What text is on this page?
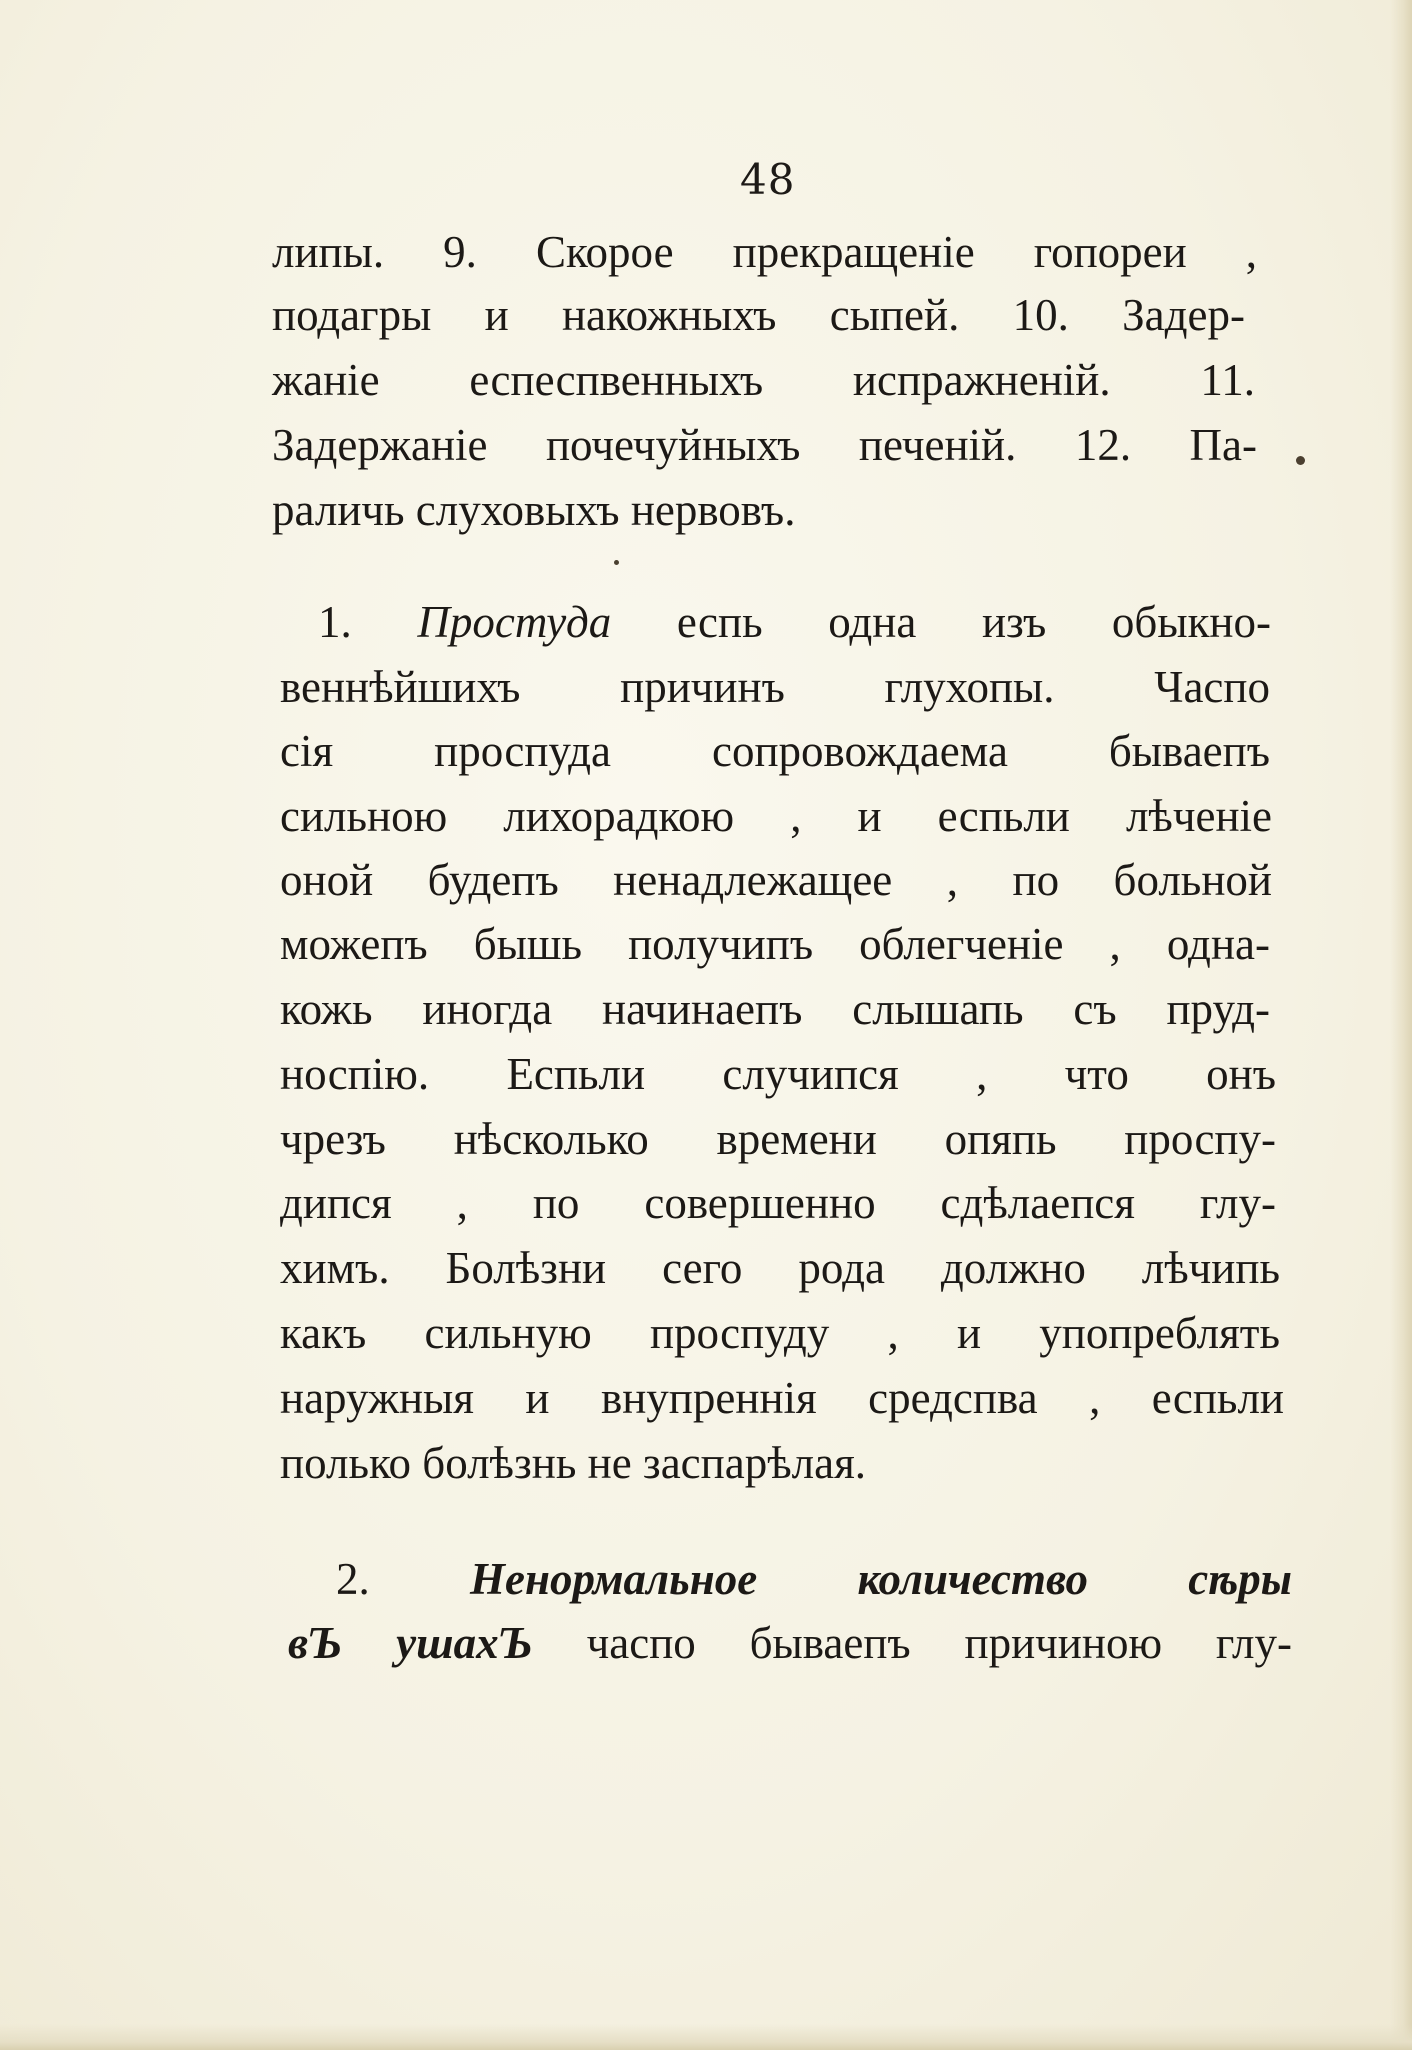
48
липы. 9. Скорое прекращенiе гопореи ,
подагры и накожныхъ сыпей. 10. Задер-
жанiе еспеспвенныхъ испражненiй. 11.
Задержанiе почечуйныхъ печенiй. 12. Па-
раличь слуховыхъ нервовъ.
1. Простуда еспь одна изъ обыкно-
веннѣйшихъ причинъ глухопы. Часпо
сiя проспуда сопровождаема бываепъ
сильною лихорадкою , и еспьли лѣченiе
оной будепъ ненадлежащее , по больной
можепъ бышь получипъ облегченiе , одна-
кожь иногда начинаепъ слышапь съ пруд-
носпiю. Еспьли случипся , что онъ
чрезъ нѣсколько времени опяпь проспу-
дипся , по совершенно сдѣлаепся глу-
химъ. Болѣзни сего рода должно лѣчипь
какъ сильную проспуду , и упопреблять
наружныя и внупреннiя средспва , еспьли
полько болѣзнь не заспарѣлая.
2. Ненормальное количество сѣры
вЪ ушахЪ часпо бываепъ причиною глу-
